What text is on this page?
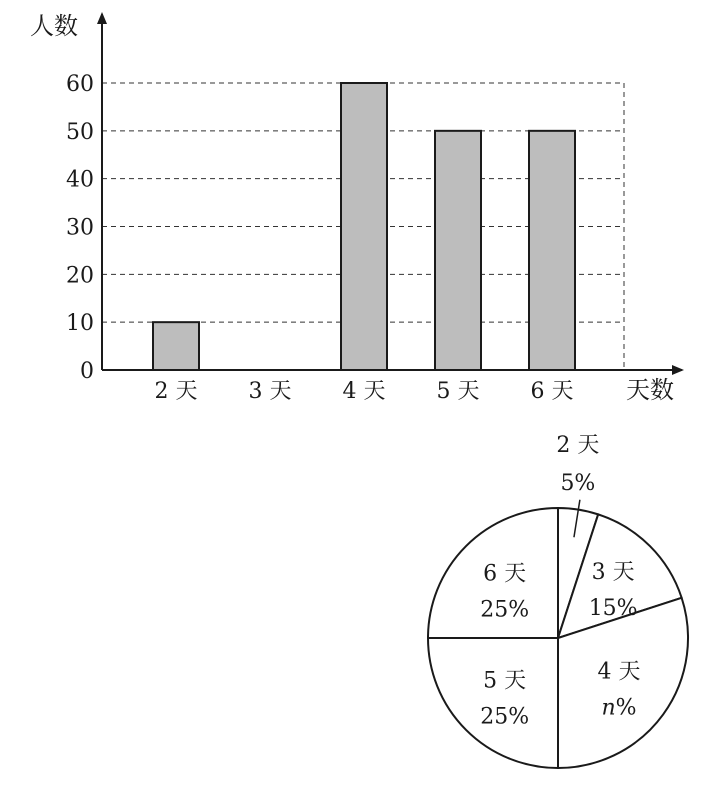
0
10
20
30
40
50
60
2 天 3 天 4 天 5 天 6 天
人数
天数
2 天
5%
3 天
15%
4 天
n%
5 天
25%
6 天
25%
